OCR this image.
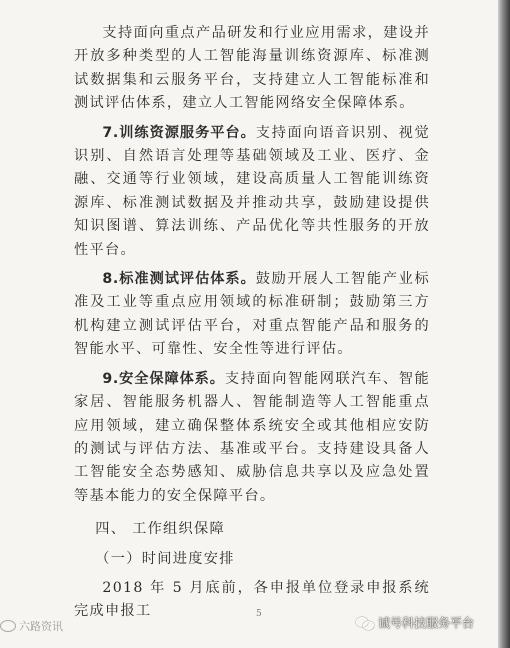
支持面向重点产品研发和行业应用需求，建设并开放多种类型的人工智能海量训练资源库、标准测试数据集和云服务平台，支持建立人工智能标准和测试评估体系，建立人工智能网络安全保障体系。

7.训练资源服务平台。支持面向语音识别、视觉识别、自然语言处理等基础领域及工业、医疗、金融、交通等行业领域，建设高质量人工智能训练资源库、标准测试数据及并推动共享，鼓励建设提供知识图谱、算法训练、产品优化等共性服务的开放性平台。

8.标准测试评估体系。鼓励开展人工智能产业标准及工业等重点应用领域的标准研制；鼓励第三方机构建立测试评估平台，对重点智能产品和服务的智能水平、可靠性、安全性等进行评估。

9.安全保障体系。支持面向智能网联汽车、智能家居、智能服务机器人、智能制造等人工智能重点应用领域，建立确保整体系统安全或其他相应安防的测试与评估方法、基准或平台。支持建设具备人工智能安全态势感知、威胁信息共享以及应急处置等基本能力的安全保障平台。

四、 工作组织保障

（一）时间进度安排

2018 年 5 月底前，各申报单位登录申报系统完成申报工	5
六路资讯	诚号科技服务平台
